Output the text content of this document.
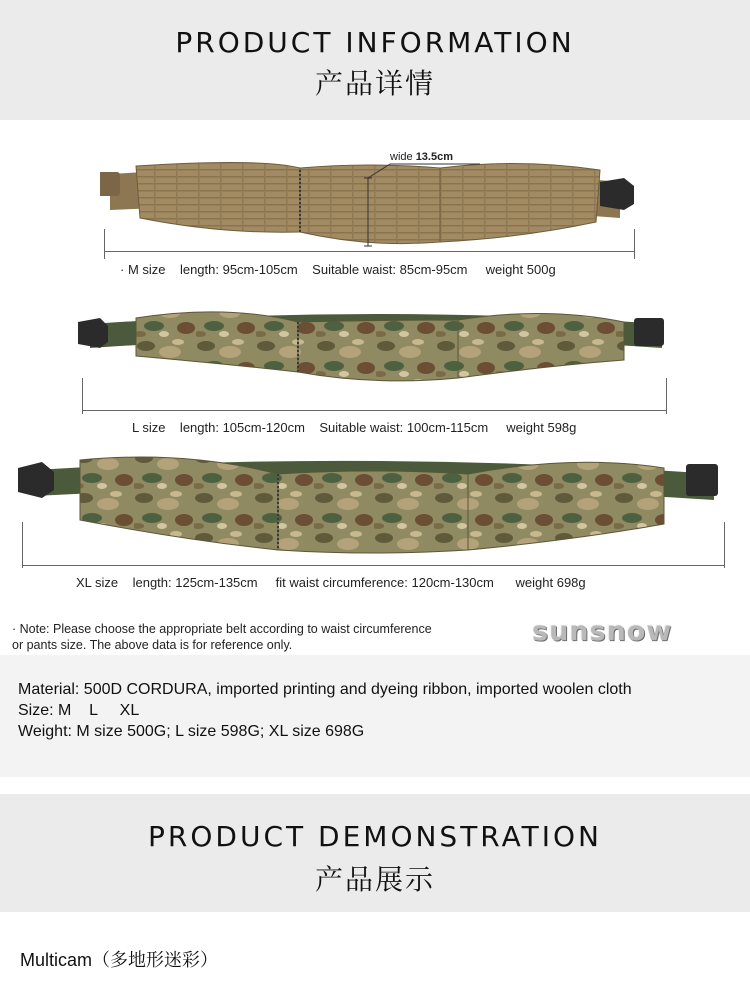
PRODUCT INFORMATION
产品详情
wide 13.5cm
· M size    length: 95cm-105cm    Suitable waist: 85cm-95cm     weight 500g
L size    length: 105cm-120cm    Suitable waist: 100cm-115cm     weight 598g
XL size    length: 125cm-135cm     fit waist circumference: 120cm-130cm      weight 698g
· Note: Please choose the appropriate belt according to waist circumference
or pants size. The above data is for reference only.	sunsnow
Material: 500D CORDURA, imported printing and dyeing ribbon, imported woolen cloth
Size: M    L     XL
Weight: M size 500G; L size 598G; XL size 698G
PRODUCT DEMONSTRATION
产品展示
Multicam（多地形迷彩）
